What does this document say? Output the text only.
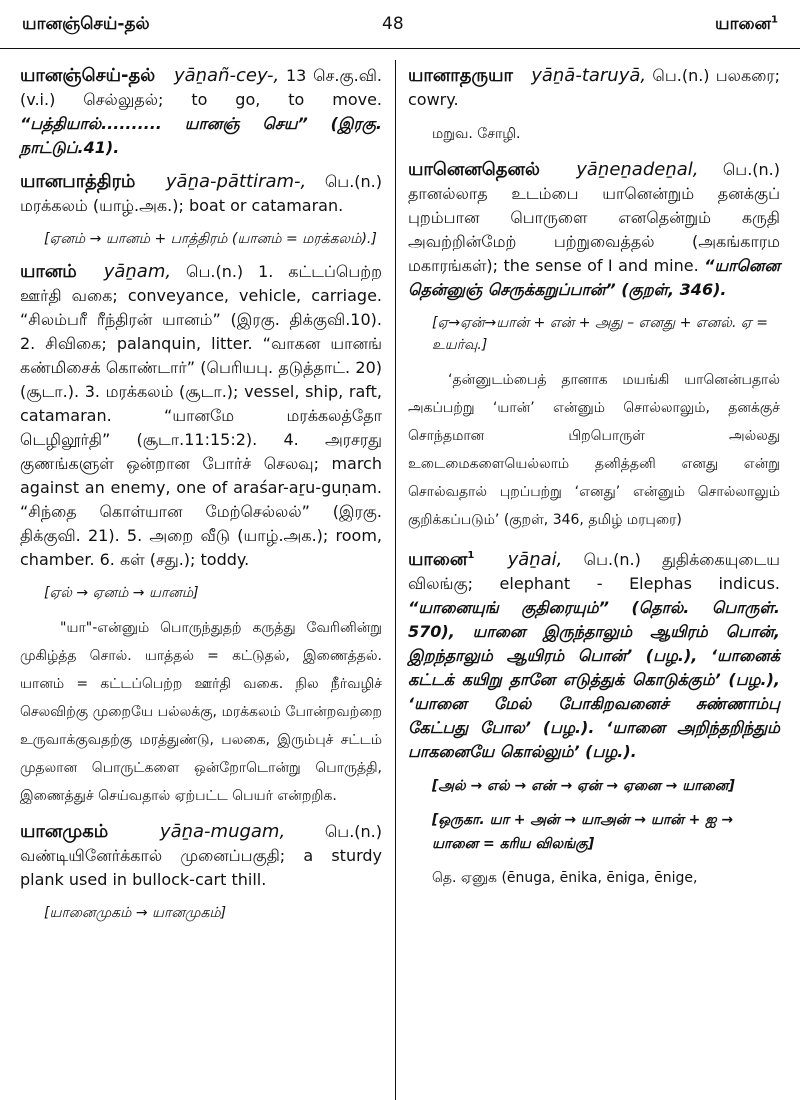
யானஞ்செய்-தல்	48	யானை$^1$
யானஞ்செய்-தல் yāṉañ-cey-, 13 செ.கு.வி. (v.i.) செல்லுதல்; to go, to move. “பத்தியால்.......... யானஞ் செய” (இரகு. நாட்டுப்.41).
யானபாத்திரம் yāṉa-pāttiram-, பெ.(n.) மரக்கலம் (யாழ்.அக.); boat or catamaran.
[ஏனம் → யானம் + பாத்திரம் (யானம் = மரக்கலம்).]
யானம் yāṉam, பெ.(n.) 1. கட்டப்பெற்ற ஊர்தி வகை; conveyance, vehicle, carriage. “சிலம்பரீ ரீந்திரன் யானம்” (இரகு. திக்குவி.10). 2. சிவிகை; palanquin, litter. “வாகன யானங் கண்மிசைக் கொண்டார்” (பெரியபு. தடுத்தாட். 20) (சூடா.). 3. மரக்கலம் (சூடா.); vessel, ship, raft, catamaran. “யானமே மரக்கலத்தோ டெழிலூர்தி” (சூடா.11:15:2). 4. அரசரது குணங்களுள் ஒன்றான போர்ச் செலவு; march against an enemy, one of araśar-aṟu-guṇam. “சிந்தை கொள்யான மேற்செல்லல்” (இரகு. திக்குவி. 21). 5. அறை வீடு (யாழ்.அக.); room, chamber. 6. கள் (சது.); toddy.
[ஏல் → ஏனம் → யானம்]
"யா"-என்னும் பொருந்துதற் கருத்து வேரினின்று முகிழ்த்த சொல். யாத்தல் = கட்டுதல், இணைத்தல். யானம் = கட்டப்பெற்ற ஊர்தி வகை. நில நீர்வழிச் செலவிற்கு முறையே பல்லக்கு, மரக்கலம் போன்றவற்றை உருவாக்குவதற்கு மரத்துண்டு, பலகை, இரும்புச் சட்டம் முதலான பொருட்களை ஒன்றோடொன்று பொருத்தி, இணைத்துச் செய்வதால் ஏற்பட்ட பெயர் என்றறிக.
யானமுகம்	yāṉa-mugam, பெ.(n.) வண்டியினேர்க்கால் முனைப்பகுதி; a sturdy plank used in bullock-cart thill.
[யானைமுகம் → யானமுகம்]
யானாதருயா yāṉā-taruyā, பெ.(n.) பலகரை; cowry.
மறுவ. சோழி.
யானெனதெனல் yāṉeṉadeṉal, பெ.(n.) தானல்லாத உடம்பை யானென்றும் தனக்குப் புறம்பான பொருளை எனதென்றும் கருதி அவற்றின்மேற் பற்றுவைத்தல் (அகங்காரம மகாரங்கள்); the sense of I and mine. “யானென தென்னுஞ் செருக்கறுப்பான்” (குறள், 346).
[ஏ→ஏன்→யான் + என் + அது – எனது + எனல். ஏ = உயர்வு.]
‘தன்னுடம்பைத் தானாக மயங்கி யானென்பதால் அகப்பற்று ‘யான்’ என்னும் சொல்லாலும், தனக்குச் சொந்தமான பிறபொருள் அல்லது உடைமைகளையெல்லாம் தனித்தனி எனது என்று சொல்வதால் புறப்பற்று ‘எனது’ என்னும் சொல்லாலும் குறிக்கப்படும்’ (குறள், 346, தமிழ் மரபுரை)
யானை$^1$ yāṉai, பெ.(n.) துதிக்கையுடைய விலங்கு; elephant - Elephas indicus. “யானையுங் குதிரையும்” (தொல். பொருள். 570), யானை இருந்தாலும் ஆயிரம் பொன், இறந்தாலும் ஆயிரம் பொன்’ (பழ.), ‘யானைக் கட்டக் கயிறு தானே எடுத்துக் கொடுக்கும்’ (பழ.), ‘யானை மேல் போகிறவனைச் சுண்ணாம்பு கேட்பது போல’ (பழ.). ‘யானை அறிந்தறிந்தும் பாகனையே கொல்லும்’ (பழ.).
[அல் → எல் → என் → ஏன் → ஏனை → யானை]
[ஒருகா. யா + அன் → யாஅன் → யான் + ஐ → யானை = கரிய விலங்கு]
தெ. ஏனுக (ēnuga, ēnika, ēniga, ēnige,
